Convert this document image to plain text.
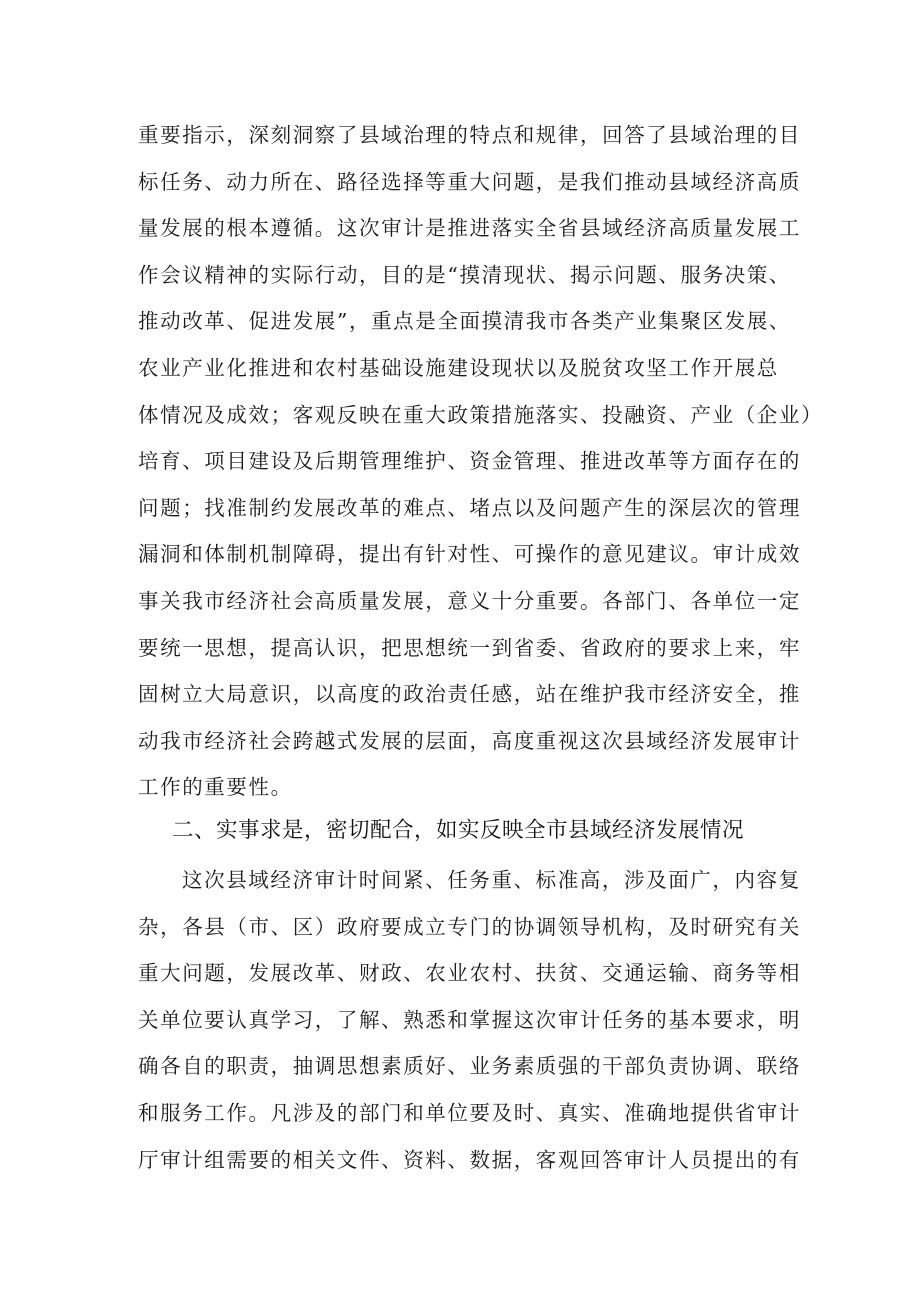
重要指示，深刻洞察了县域治理的特点和规律，回答了县域治理的目
标任务、动力所在、路径选择等重大问题，是我们推动县域经济高质
量发展的根本遵循。这次审计是推进落实全省县域经济高质量发展工
作会议精神的实际行动，目的是“摸清现状、揭示问题、服务决策、
推动改革、促进发展”，重点是全面摸清我市各类产业集聚区发展、
农业产业化推进和农村基础设施建设现状以及脱贫攻坚工作开展总
体情况及成效；客观反映在重大政策措施落实、投融资、产业（企业）
培育、项目建设及后期管理维护、资金管理、推进改革等方面存在的
问题；找准制约发展改革的难点、堵点以及问题产生的深层次的管理
漏洞和体制机制障碍，提出有针对性、可操作的意见建议。审计成效
事关我市经济社会高质量发展，意义十分重要。各部门、各单位一定
要统一思想，提高认识，把思想统一到省委、省政府的要求上来，牢
固树立大局意识，以高度的政治责任感，站在维护我市经济安全，推
动我市经济社会跨越式发展的层面，高度重视这次县域经济发展审计
工作的重要性。
二、实事求是，密切配合，如实反映全市县域经济发展情况
这次县域经济审计时间紧、任务重、标准高，涉及面广，内容复
杂，各县（市、区）政府要成立专门的协调领导机构，及时研究有关
重大问题，发展改革、财政、农业农村、扶贫、交通运输、商务等相
关单位要认真学习，了解、熟悉和掌握这次审计任务的基本要求，明
确各自的职责，抽调思想素质好、业务素质强的干部负责协调、联络
和服务工作。凡涉及的部门和单位要及时、真实、准确地提供省审计
厅审计组需要的相关文件、资料、数据，客观回答审计人员提出的有
